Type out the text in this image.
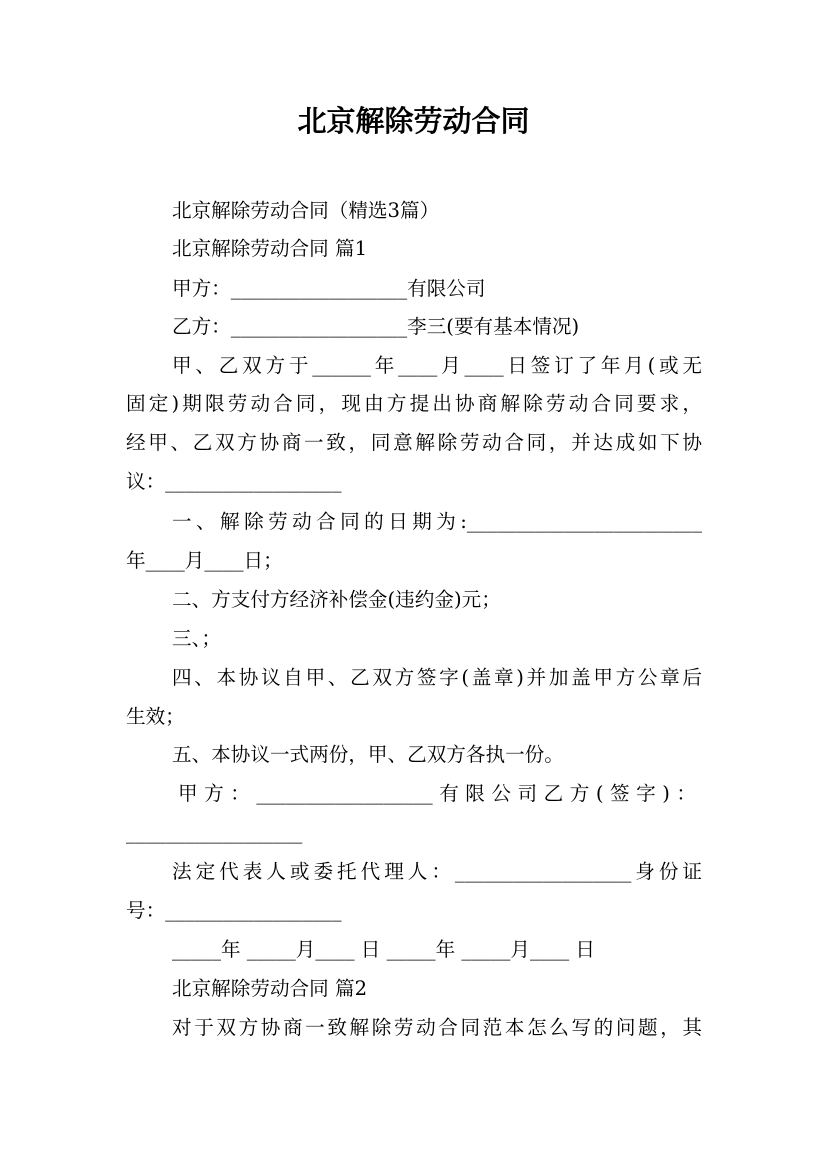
北京解除劳动合同
北京解除劳动合同（精选3篇）
北京解除劳动合同 篇1
甲方：__________________有限公司
乙方：__________________李三(要有基本情况)
甲、乙双方于______年____月____日签订了年月(或无
固定)期限劳动合同，现由方提出协商解除劳动合同要求，
经甲、乙双方协商一致，同意解除劳动合同，并达成如下协
议：__________________
一、解除劳动合同的日期为:________________________
年____月____日；
二、方支付方经济补偿金(违约金)元；
三、；
四、本协议自甲、乙双方签字(盖章)并加盖甲方公章后
生效；
五、本协议一式两份，甲、乙双方各执一份。
甲方：__________________有限公司乙方(签字)：
__________________
法定代表人或委托代理人：__________________身份证
号：__________________
_____年 _____月____ 日 _____年 _____月____ 日
北京解除劳动合同 篇2
对于双方协商一致解除劳动合同范本怎么写的问题，其
